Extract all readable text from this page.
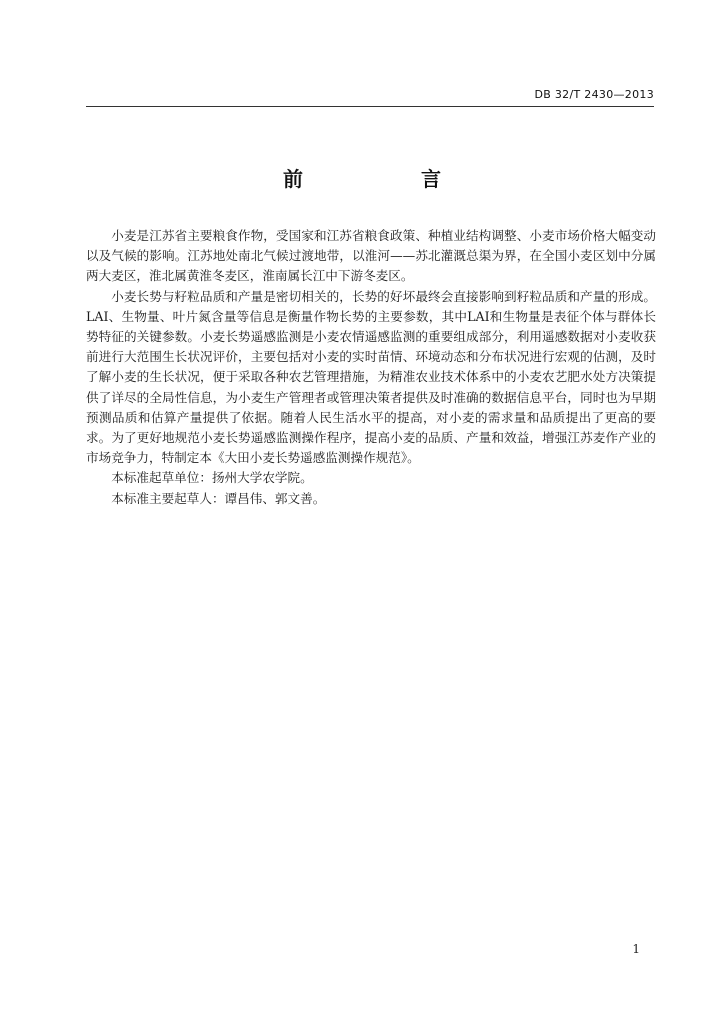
DB 32/T 2430—2013
前　　言

小麦是江苏省主要粮食作物，受国家和江苏省粮食政策、种植业结构调整、小麦市场价格大幅变动以及气候的影响。江苏地处南北气候过渡地带，以淮河——苏北灌溉总渠为界，在全国小麦区划中分属两大麦区，淮北属黄淮冬麦区，淮南属长江中下游冬麦区。

小麦长势与籽粒品质和产量是密切相关的，长势的好坏最终会直接影响到籽粒品质和产量的形成。LAI、生物量、叶片氮含量等信息是衡量作物长势的主要参数，其中LAI和生物量是表征个体与群体长势特征的关键参数。小麦长势遥感监测是小麦农情遥感监测的重要组成部分，利用遥感数据对小麦收获前进行大范围生长状况评价，主要包括对小麦的实时苗情、环境动态和分布状况进行宏观的估测，及时了解小麦的生长状况，便于采取各种农艺管理措施，为精准农业技术体系中的小麦农艺肥水处方决策提供了详尽的全局性信息，为小麦生产管理者或管理决策者提供及时准确的数据信息平台，同时也为早期预测品质和估算产量提供了依据。随着人民生活水平的提高，对小麦的需求量和品质提出了更高的要求。为了更好地规范小麦长势遥感监测操作程序，提高小麦的品质、产量和效益，增强江苏麦作产业的市场竞争力，特制定本《大田小麦长势遥感监测操作规范》。

本标准起草单位：扬州大学农学院。

本标准主要起草人：谭昌伟、郭文善。

1
